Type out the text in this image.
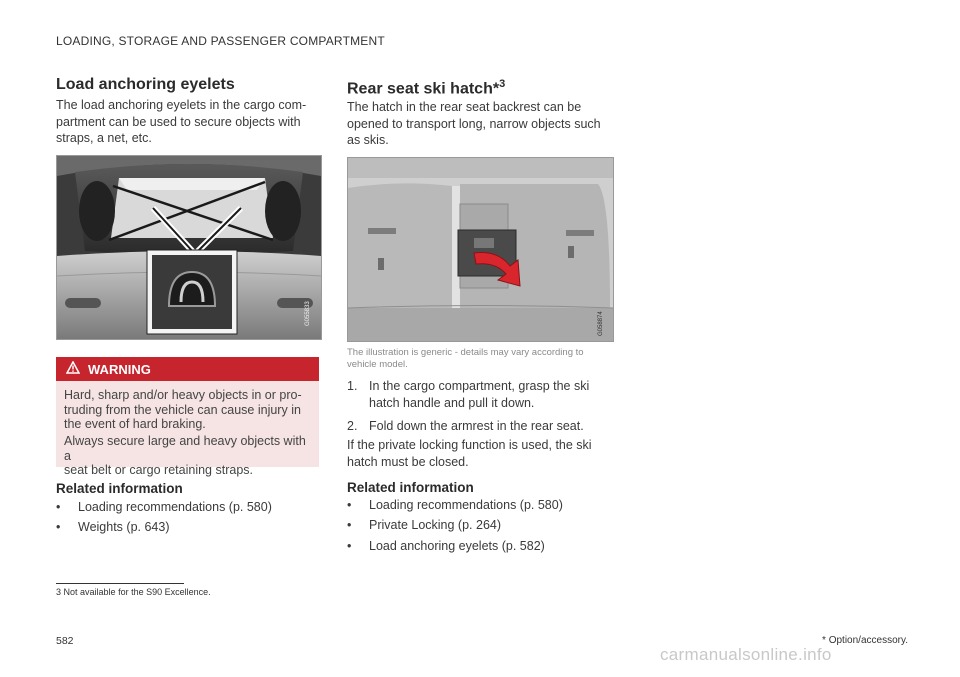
LOADING, STORAGE AND PASSENGER COMPARTMENT
Load anchoring eyelets

The load anchoring eyelets in the cargo com-
partment can be used to secure objects with
straps, a net, etc.

G055833
WARNING
Hard, sharp and/or heavy objects in or pro-
truding from the vehicle can cause injury in
the event of hard braking.
Always secure large and heavy objects with a
seat belt or cargo retaining straps.
Related information
•	Loading recommendations (p. 580)
•	Weights (p. 643)
Rear seat ski hatch*$^3$

The hatch in the rear seat backrest can be
opened to transport long, narrow objects such
as skis.

G058874
The illustration is generic - details may vary according to
vehicle model.
1. In the cargo compartment, grasp the ski
hatch handle and pull it down.
2. Fold down the armrest in the rear seat.

If the private locking function is used, the ski
hatch must be closed.

Related information
•	Loading recommendations (p. 580)
•	Private Locking (p. 264)
•	Load anchoring eyelets (p. 582)
3 Not available for the S90 Excellence.
582	* Option/accessory.
carmanualsonline.info
